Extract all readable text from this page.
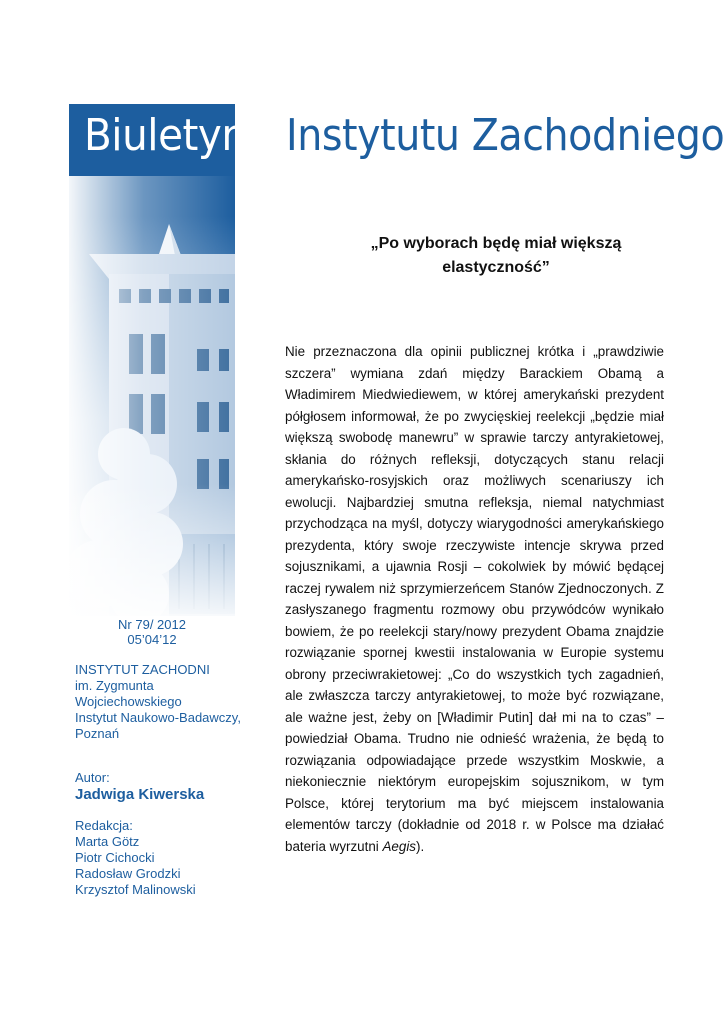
Biuletyn Instytutu Zachodniego
Nr 79/ 2012
05’04’12
INSTYTUT ZACHODNI
im. Zygmunta
Wojciechowskiego
Instytut Naukowo-Badawczy,
Poznań
Autor:
Jadwiga Kiwerska
Redakcja:
Marta Götz
Piotr Cichocki
Radosław Grodzki
Krzysztof Malinowski
„Po wyborach będę miał większą
elastyczność”
Nie przeznaczona dla opinii publicznej krótka i „prawdziwie szczera” wymiana zdań między Barackiem Obamą a Władimirem Miedwiediewem, w której amerykański prezydent półgłosem informował, że po zwycięskiej reelekcji „będzie miał większą swobodę manewru” w sprawie tarczy antyrakietowej, skłania do różnych refleksji, dotyczących stanu relacji amerykańsko-rosyjskich oraz możliwych scenariuszy ich ewolucji. Najbardziej smutna refleksja, niemal natychmiast przychodząca na myśl, dotyczy wiarygodności amerykańskiego prezydenta, który swoje rzeczywiste intencje skrywa przed sojusznikami, a ujawnia Rosji – cokolwiek by mówić będącej raczej rywalem niż sprzymierzeńcem Stanów Zjednoczonych. Z zasłyszanego fragmentu rozmowy obu przywódców wynikało bowiem, że po reelekcji stary/nowy prezydent Obama znajdzie rozwiązanie spornej kwestii instalowania w Europie systemu obrony przeciwrakietowej: „Co do wszystkich tych zagadnień, ale zwłaszcza tarczy antyrakietowej, to może być rozwiązane, ale ważne jest, żeby on [Władimir Putin] dał mi na to czas” – powiedział Obama. Trudno nie odnieść wrażenia, że będą to rozwiązania odpowiadające przede wszystkim Moskwie, a niekoniecznie niektórym europejskim sojusznikom, w tym Polsce, której terytorium ma być miejscem instalowania elementów tarczy (dokładnie od 2018 r. w Polsce ma działać bateria wyrzutni Aegis).
